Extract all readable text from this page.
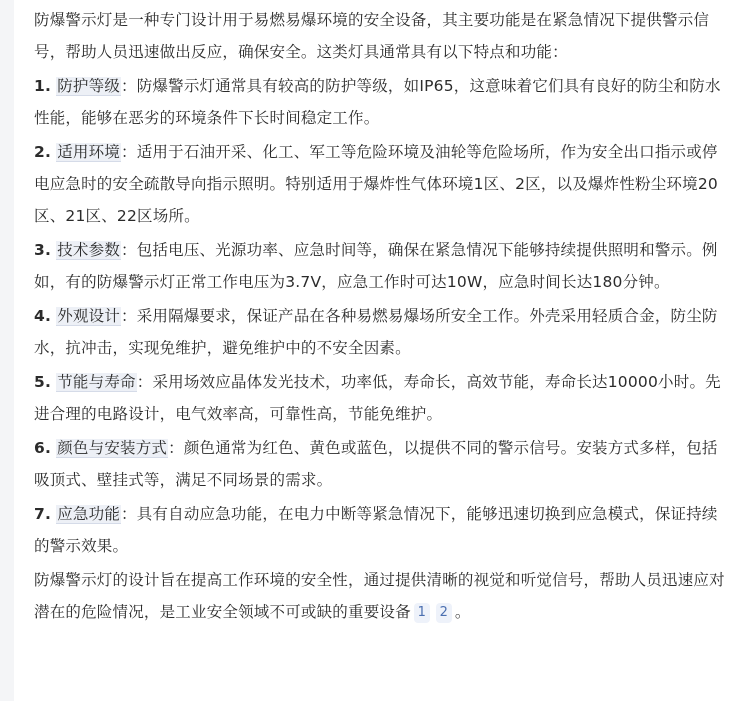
防爆警示灯是一种专门设计用于易燃易爆环境的安全设备，其主要功能是在紧急情况下提供警示信号，帮助人员迅速做出反应，确保安全。这类灯具通常具有以下特点和功能：

1. 防护等级：防爆警示灯通常具有较高的防护等级，如IP65，这意味着它们具有良好的防尘和防水性能，能够在恶劣的环境条件下长时间稳定工作。

2. 适用环境：适用于石油开采、化工、军工等危险环境及油轮等危险场所，作为安全出口指示或停电应急时的安全疏散导向指示照明。特别适用于爆炸性气体环境1区、2区，以及爆炸性粉尘环境20区、21区、22区场所。

3. 技术参数：包括电压、光源功率、应急时间等，确保在紧急情况下能够持续提供照明和警示。例如，有的防爆警示灯正常工作电压为3.7V，应急工作时可达10W，应急时间长达180分钟。

4. 外观设计：采用隔爆要求，保证产品在各种易燃易爆场所安全工作。外壳采用轻质合金，防尘防水，抗冲击，实现免维护，避免维护中的不安全因素。

5. 节能与寿命：采用场效应晶体发光技术，功率低，寿命长，高效节能，寿命长达10000小时。先进合理的电路设计，电气效率高，可靠性高，节能免维护。

6. 颜色与安装方式：颜色通常为红色、黄色或蓝色，以提供不同的警示信号。安装方式多样，包括吸顶式、壁挂式等，满足不同场景的需求。

7. 应急功能：具有自动应急功能，在电力中断等紧急情况下，能够迅速切换到应急模式，保证持续的警示效果。

防爆警示灯的设计旨在提高工作环境的安全性，通过提供清晰的视觉和听觉信号，帮助人员迅速应对潜在的危险情况，是工业安全领域不可或缺的重要设备 1 2 。
